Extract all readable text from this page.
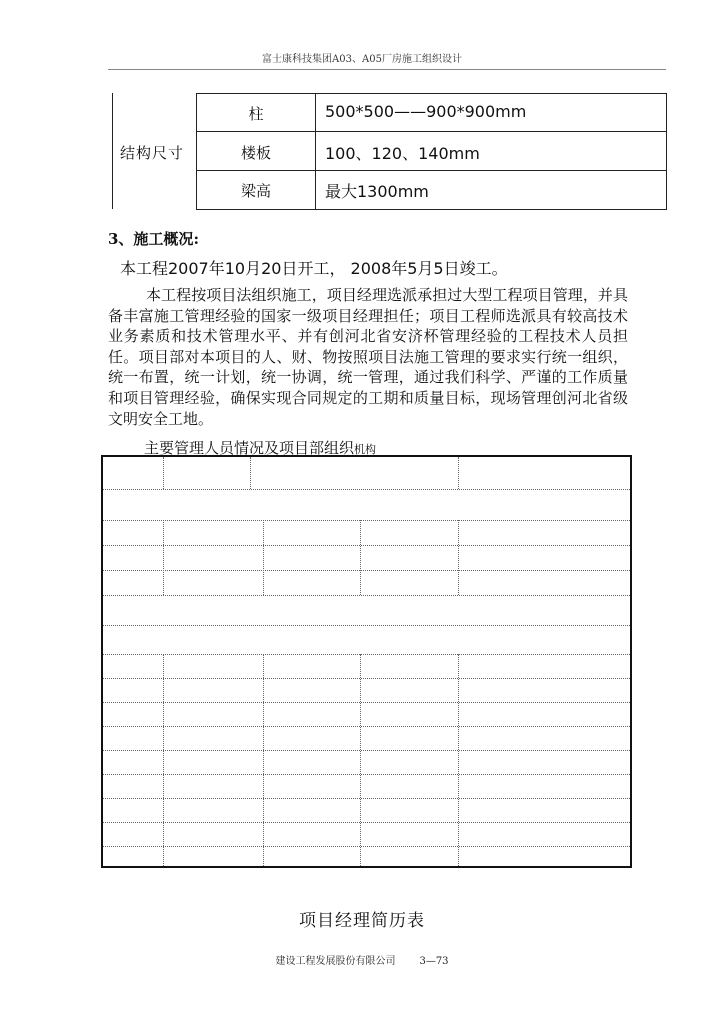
富士康科技集团A03、A05厂房施工组织设计
结构尺寸
柱	500*500——900*900mm
楼板	100、120、140mm
梁高	最大1300mm
3、施工概况:
本工程2007年10月20日开工， 2008年5月5日竣工。
本工程按项目法组织施工，项目经理选派承担过大型工程项目管理，并具备丰富施工管理经验的国家一级项目经理担任；项目工程师选派具有较高技术业务素质和技术管理水平、并有创河北省安济杯管理经验的工程技术人员担任。项目部对本项目的人、财、物按照项目法施工管理的要求实行统一组织，统一布置，统一计划，统一协调，统一管理，通过我们科学、严谨的工作质量和项目管理经验，确保实现合同规定的工期和质量目标，现场管理创河北省级文明安全工地。
主要管理人员情况及项目部组织机构
项目经理简历表
建设工程发展股份有限公司 3—73
